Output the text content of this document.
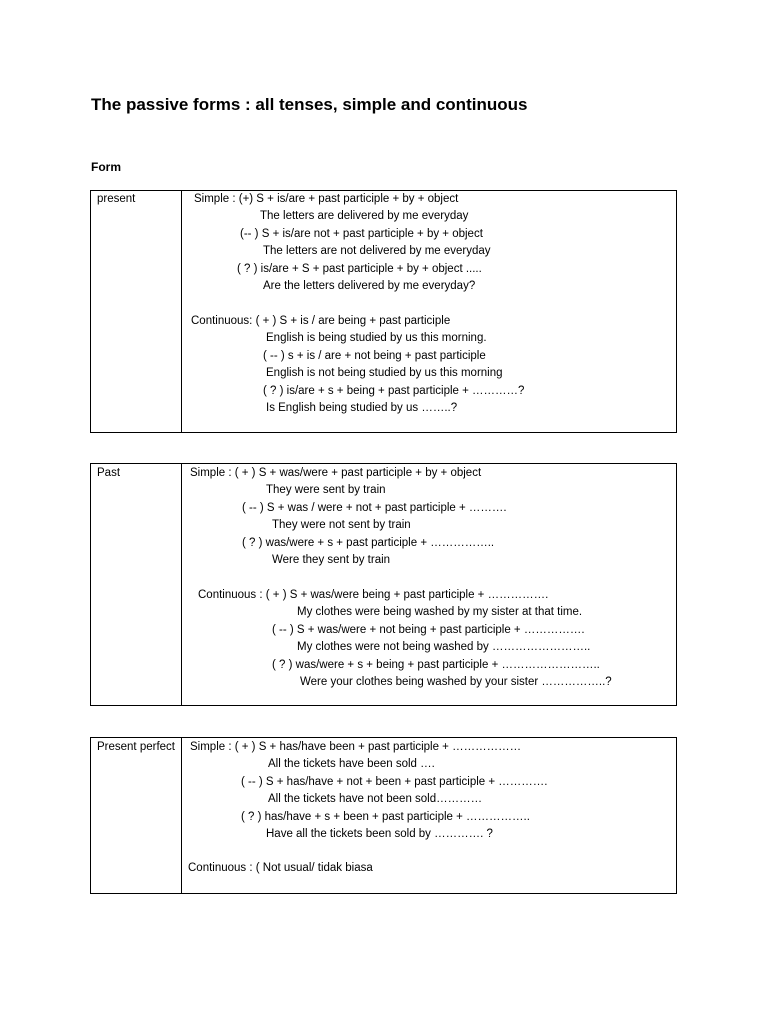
The passive forms : all tenses, simple and continuous
Form
present	Simple : (+) S + is/are + past participle + by + object
The letters are delivered by me everyday
(-- ) S + is/are not + past participle + by + object
The letters are not delivered by me everyday
( ? ) is/are + S + past participle + by + object .....
Are the letters delivered by me everyday?
Continuous: ( + ) S + is / are being + past participle
English is being studied by us this morning.
( -- ) s + is / are + not being + past participle
English is not being studied by us this morning
( ? ) is/are + s + being + past participle + …………?
Is English being studied by us ……..?
Past	Simple : ( + ) S + was/were + past participle + by + object
They were sent by train
( -- ) S + was / were + not + past participle + ……….
They were not sent by train
( ? ) was/were + s + past participle + ……………..
Were they sent by train
Continuous : ( + ) S + was/were being + past participle + …………….
My clothes were being washed by my sister at that time.
( -- ) S + was/were + not being + past participle + …………….
My clothes were not being washed by ……………………..
( ? ) was/were + s + being + past participle + ……………………..
Were your clothes being washed by your sister ……………..?
Present perfect Simple : ( + ) S + has/have been + past participle + ………………
All the tickets have been sold ….
( -- ) S + has/have + not + been + past participle + ………….
All the tickets have not been sold…………
( ? ) has/have + s + been + past participle + ……………..
Have all the tickets been sold by …………. ?
Continuous : ( Not usual/ tidak biasa
